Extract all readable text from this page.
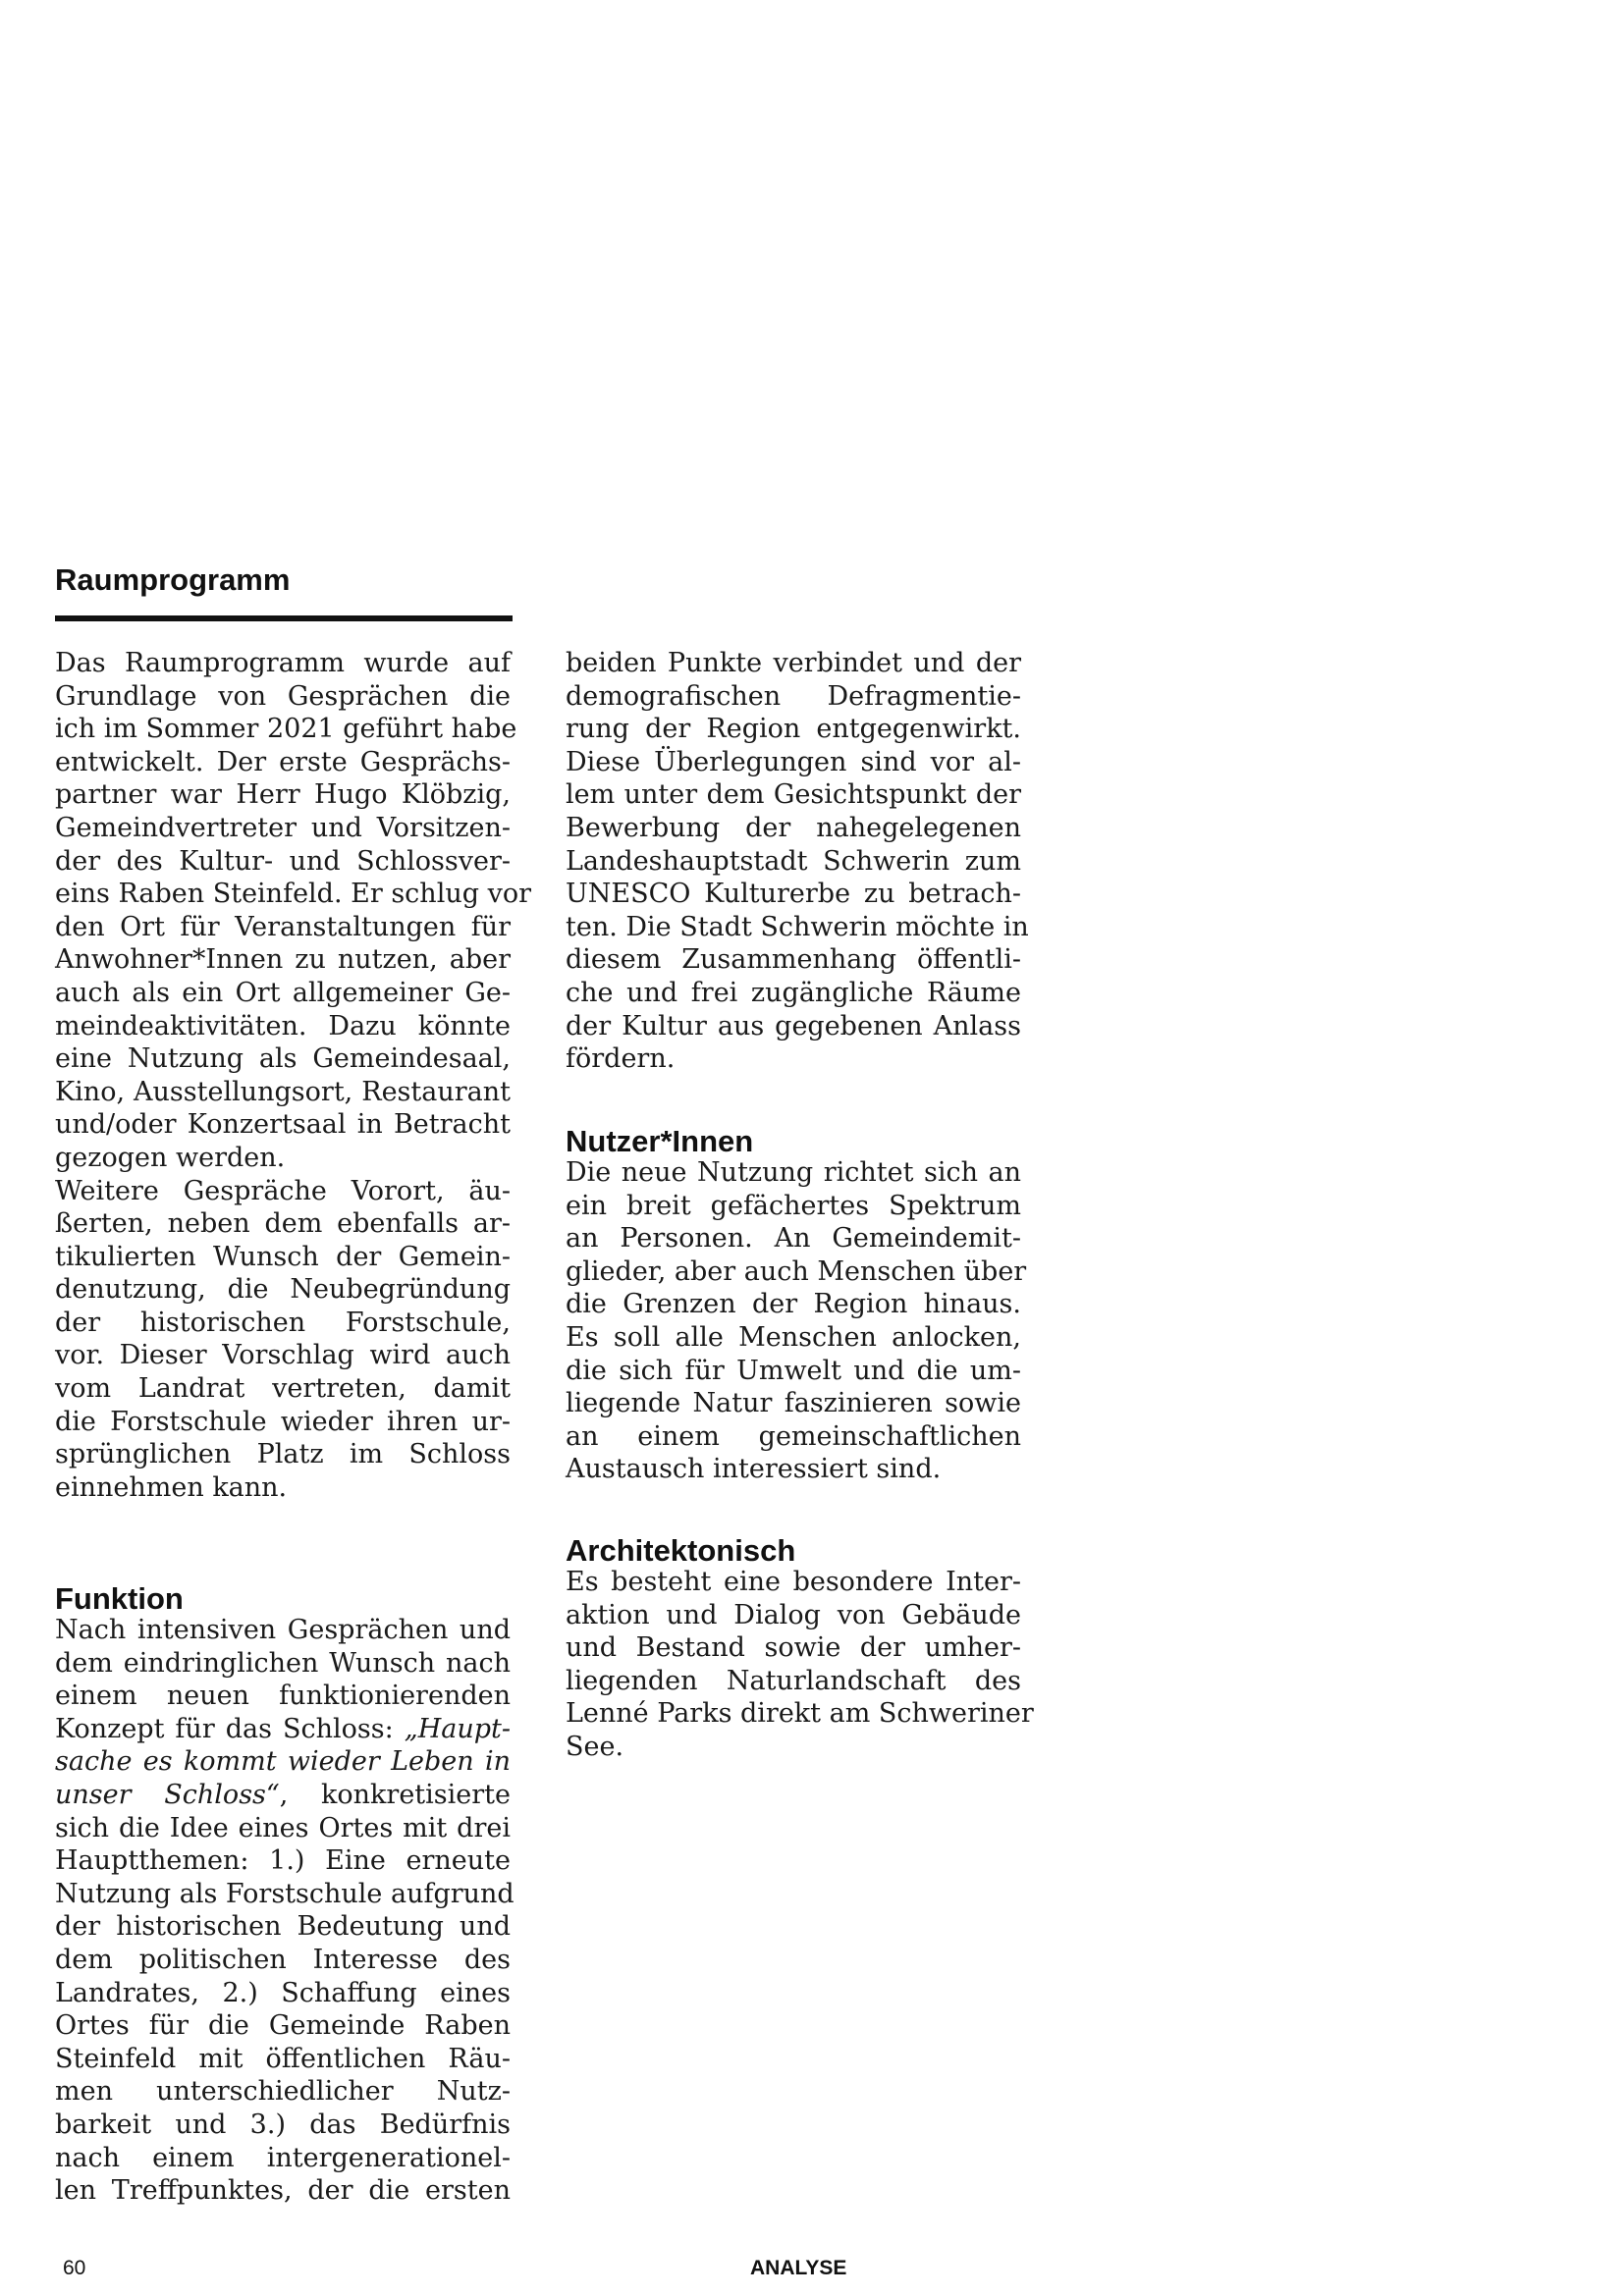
Raumprogramm
Das Raumprogramm wurde auf
Grundlage von Gesprächen die
ich im Sommer 2021 geführt habe
entwickelt. Der erste Gesprächs-
partner war Herr Hugo Klöbzig,
Gemeindvertreter und Vorsitzen-
der des Kultur- und Schlossver-
eins Raben Steinfeld. Er schlug vor
den Ort für Veranstaltungen für
Anwohner*Innen zu nutzen, aber
auch als ein Ort allgemeiner Ge-
meindeaktivitäten. Dazu könnte
eine Nutzung als Gemeindesaal,
Kino, Ausstellungsort, Restaurant
und/oder Konzertsaal in Betracht
gezogen werden.
Weitere Gespräche Vorort, äu-
ßerten, neben dem ebenfalls ar-
tikulierten Wunsch der Gemein-
denutzung, die Neubegründung
der historischen Forstschule,
vor. Dieser Vorschlag wird auch
vom Landrat vertreten, damit
die Forstschule wieder ihren ur-
sprünglichen Platz im Schloss
einnehmen kann.
Funktion
Nach intensiven Gesprächen und
dem eindringlichen Wunsch nach
einem neuen funktionierenden
Konzept für das Schloss: „Haupt-
sache es kommt wieder Leben in
unser Schloss“, konkretisierte
sich die Idee eines Ortes mit drei
Hauptthemen: 1.) Eine erneute
Nutzung als Forstschule aufgrund
der historischen Bedeutung und
dem politischen Interesse des
Landrates, 2.) Schaffung eines
Ortes für die Gemeinde Raben
Steinfeld mit öffentlichen Räu-
men unterschiedlicher Nutz-
barkeit und 3.) das Bedürfnis
nach einem intergenerationel-
len Treffpunktes, der die ersten
beiden Punkte verbindet und der
demografischen Defragmentie-
rung der Region entgegenwirkt.
Diese Überlegungen sind vor al-
lem unter dem Gesichtspunkt der
Bewerbung der nahegelegenen
Landeshauptstadt Schwerin zum
UNESCO Kulturerbe zu betrach-
ten. Die Stadt Schwerin möchte in
diesem Zusammenhang öffentli-
che und frei zugängliche Räume
der Kultur aus gegebenen Anlass
fördern.
Nutzer*Innen
Die neue Nutzung richtet sich an
ein breit gefächertes Spektrum
an Personen. An Gemeindemit-
glieder, aber auch Menschen über
die Grenzen der Region hinaus.
Es soll alle Menschen anlocken,
die sich für Umwelt und die um-
liegende Natur faszinieren sowie
an einem gemeinschaftlichen
Austausch interessiert sind.
Architektonisch
Es besteht eine besondere Inter-
aktion und Dialog von Gebäude
und Bestand sowie der umher-
liegenden Naturlandschaft des
Lenné Parks direkt am Schweriner
See.
60	ANALYSE
